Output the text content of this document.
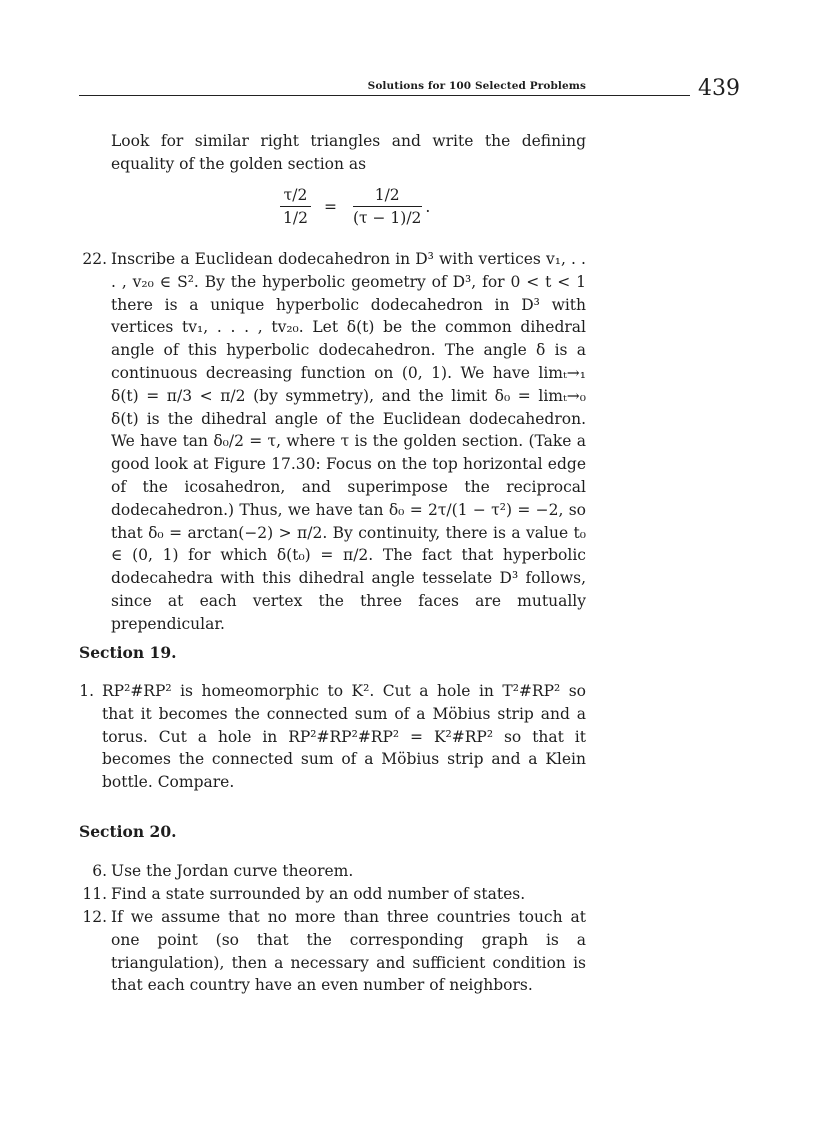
Solutions for 100 Selected Problems	439
Look for similar right triangles and write the defining equality of the golden section as
$\frac{\tau/2}{1/2} = \frac{1/2}{(\tau - 1)/2}$ .
22. Inscribe a Euclidean dodecahedron in D³ with vertices v₁, . . . , v₂₀ ∈ S². By the hyperbolic geometry of D³, for 0 < t < 1 there is a unique hyperbolic dodecahedron in D³ with vertices tv₁, . . . , tv₂₀. Let δ(t) be the common dihedral angle of this hyperbolic dodecahedron. The angle δ is a continuous decreasing function on (0, 1). We have limₜ→₁ δ(t) = π/3 < π/2 (by symmetry), and the limit δ₀ = limₜ→₀ δ(t) is the dihedral angle of the Euclidean dodecahedron. We have tan δ₀/2 = τ, where τ is the golden section. (Take a good look at Figure 17.30: Focus on the top horizontal edge of the icosahedron, and superimpose the reciprocal dodecahedron.) Thus, we have tan δ₀ = 2τ/(1 − τ²) = −2, so that δ₀ = arctan(−2) > π/2. By continuity, there is a value t₀ ∈ (0, 1) for which δ(t₀) = π/2. The fact that hyperbolic dodecahedra with this dihedral angle tesselate D³ follows, since at each vertex the three faces are mutually prependicular.
Section 19.
1. RP²#RP² is homeomorphic to K². Cut a hole in T²#RP² so that it becomes the connected sum of a Möbius strip and a torus. Cut a hole in RP²#RP²#RP² = K²#RP² so that it becomes the connected sum of a Möbius strip and a Klein bottle. Compare.
Section 20.
6. Use the Jordan curve theorem.
11. Find a state surrounded by an odd number of states.
12. If we assume that no more than three countries touch at one point (so that the corresponding graph is a triangulation), then a necessary and sufficient condition is that each country have an even number of neighbors.
